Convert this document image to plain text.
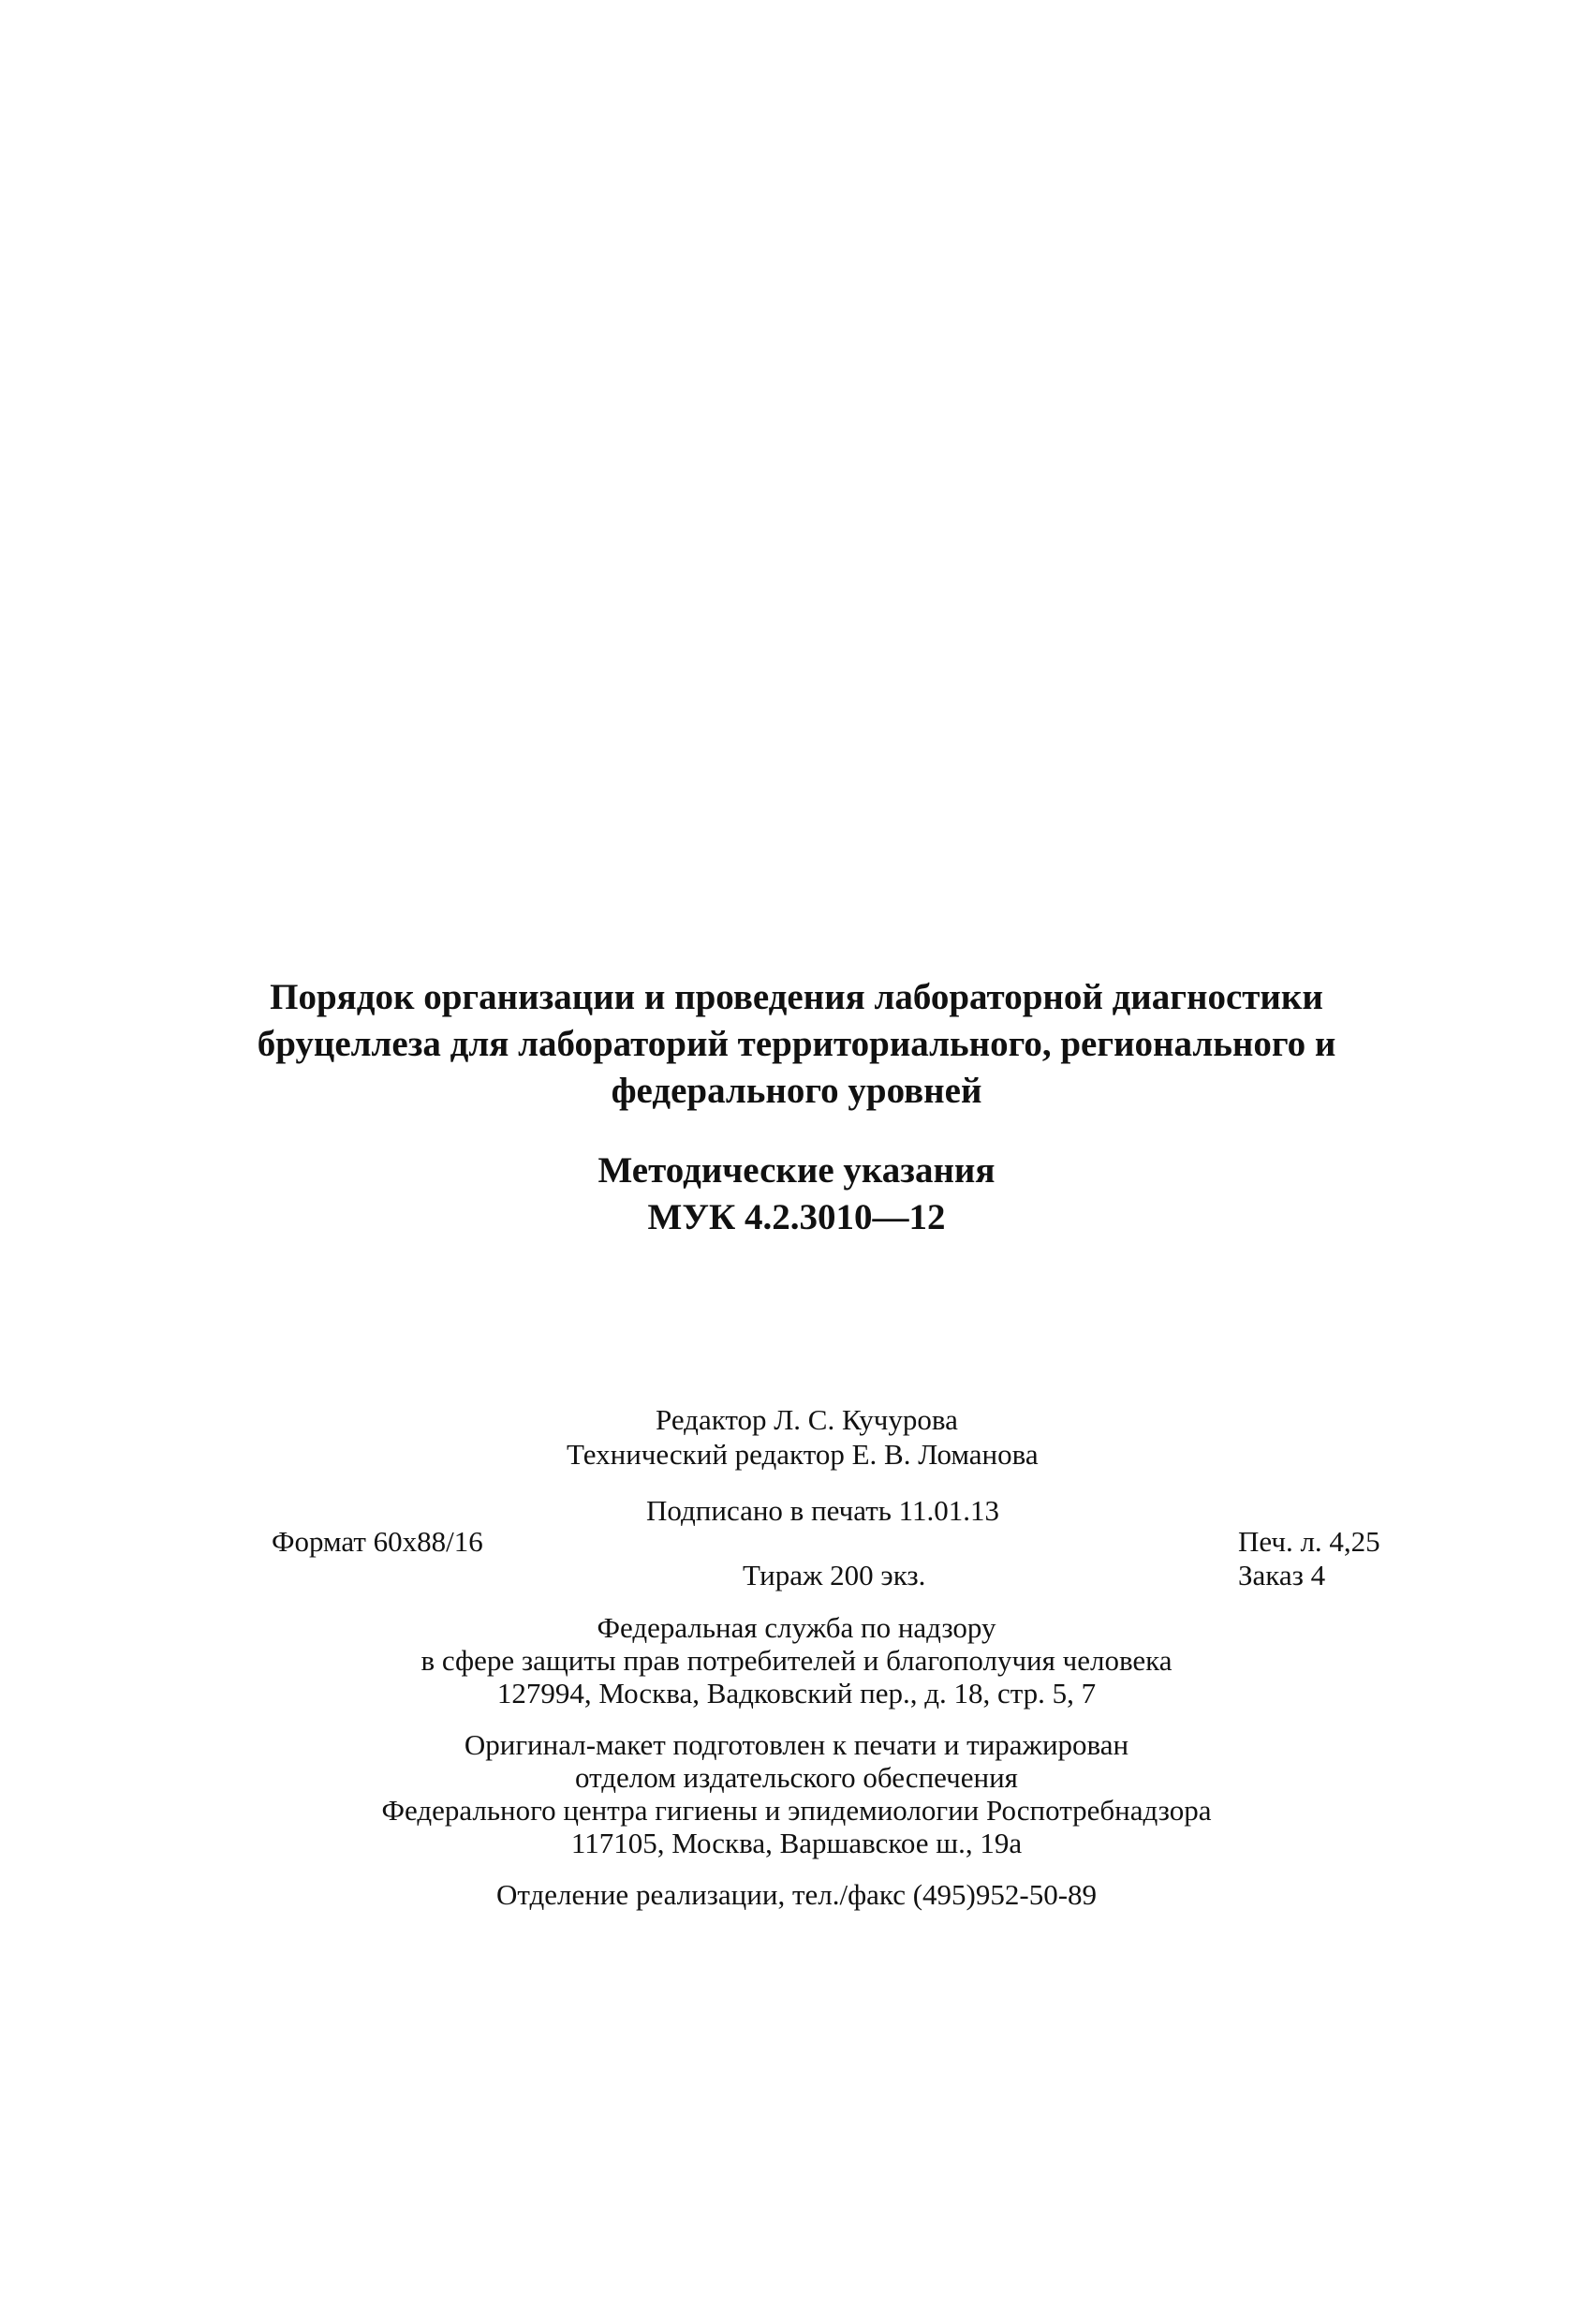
Порядок организации и проведения лабораторной диагностики
бруцеллеза для лабораторий территориального, регионального и
федерального уровней
Методические указания
МУК 4.2.3010—12
Редактор Л. С. Кучурова
Технический редактор Е. В. Ломанова
Подписано в печать 11.01.13
Формат 60x88/16	Печ. л. 4,25
Тираж 200 экз.	Заказ 4
Федеральная служба по надзору
в сфере защиты прав потребителей и благополучия человека
127994, Москва, Вадковский пер., д. 18, стр. 5, 7
Оригинал-макет подготовлен к печати и тиражирован
отделом издательского обеспечения
Федерального центра гигиены и эпидемиологии Роспотребнадзора
117105, Москва, Варшавское ш., 19а
Отделение реализации, тел./факс (495)952-50-89
